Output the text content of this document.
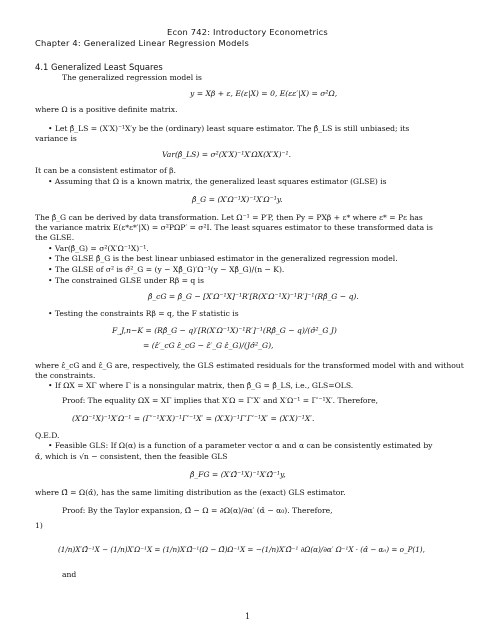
Econ 742: Introductory Econometrics
Chapter 4: Generalized Linear Regression Models
4.1 Generalized Least Squares
The generalized regression model is
y = Xβ + ε, E(ε|X) = 0, E(εε′|X) = σ²Ω,
where Ω is a positive definite matrix.
• Let β̂_LS = (X′X)⁻¹X′y be the (ordinary) least square estimator. The β̂_LS is still unbiased; its
variance is
Var(β̂_LS) = σ²(X′X)⁻¹X′ΩX(X′X)⁻¹.
It can be a consistent estimator of β.
• Assuming that Ω is a known matrix, the generalized least squares estimator (GLSE) is
β̂_G = (X′Ω⁻¹X)⁻¹X′Ω⁻¹y.
The β̂_G can be derived by data transformation. Let Ω⁻¹ = P′P, then Py = PXβ + ε* where ε* = Pε has
the variance matrix E(ε*ε*′|X) = σ²PΩP′ = σ²I. The least squares estimator to these transformed data is
the GLSE.
• Var(β̂_G) = σ²(X′Ω⁻¹X)⁻¹.
• The GLSE β̂_G is the best linear unbiased estimator in the generalized regression model.
• The GLSE of σ² is σ̂²_G = (y − Xβ̂_G)′Ω⁻¹(y − Xβ̂_G)/(n − K).
• The constrained GLSE under Rβ = q is
β̂_cG = β̂_G − [X′Ω⁻¹X]⁻¹R′[R(X′Ω⁻¹X)⁻¹R′]⁻¹(Rβ̂_G − q).
• Testing the constraints Rβ = q, the F statistic is
F_J,n−K = (Rβ̂_G − q)′[R(X′Ω⁻¹X)⁻¹R′]⁻¹(Rβ̂_G − q)/(σ̂²_G J)
= (ε̂′_cG ε̂_cG − ε̂′_G ε̂_G)/(Jσ̂²_G),
where ε̂_cG and ε̂_G are, respectively, the GLS estimated residuals for the transformed model with and without
the constraints.
• If ΩX = XΓ where Γ is a nonsingular matrix, then β̂_G = β̂_LS, i.e., GLS=OLS.
Proof: The equality ΩX = XΓ implies that X′Ω = Γ′X′ and X′Ω⁻¹ = Γ′⁻¹X′. Therefore,
(X′Ω⁻¹X)⁻¹X′Ω⁻¹ = (Γ′⁻¹X′X)⁻¹Γ′⁻¹X′ = (X′X)⁻¹Γ′Γ′⁻¹X′ = (X′X)⁻¹X′.
Q.E.D.
• Feasible GLS: If Ω(α) is a function of a parameter vector α and α can be consistently estimated by
α̂, which is √n − consistent, then the feasible GLS
β̂_FG = (X′Ω̂⁻¹X)⁻¹X′Ω̂⁻¹y,
where Ω̂ = Ω(α̂), has the same limiting distribution as the (exact) GLS estimator.
Proof: By the Taylor expansion, Ω̂ − Ω = ∂Ω(α)/∂α′ (α̂ − α₀). Therefore,
1)
(1/n)X′Ω̂⁻¹X − (1/n)X′Ω⁻¹X = (1/n)X′Ω̂⁻¹(Ω − Ω̂)Ω⁻¹X = −(1/n)X′Ω̂⁻¹ ∂Ω(α)/∂α′ Ω⁻¹X · (α̂ − α₀) = o_P(1),
and
1
